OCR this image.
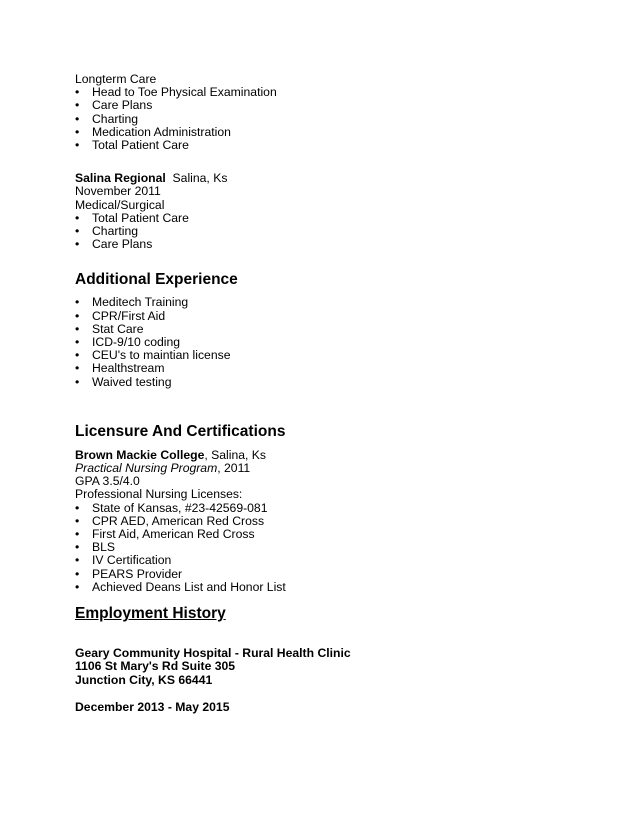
Longterm Care
• Head to Toe Physical Examination
• Care Plans
• Charting
• Medication Administration
• Total Patient Care
Salina Regional Salina, Ks
November 2011
Medical/Surgical
• Total Patient Care
• Charting
• Care Plans
Additional Experience
• Meditech Training
• CPR/First Aid
• Stat Care
• ICD-9/10 coding
• CEU's to maintian license
• Healthstream
• Waived testing
Licensure And Certifications
Brown Mackie College, Salina, Ks
Practical Nursing Program, 2011
GPA 3.5/4.0
Professional Nursing Licenses:
• State of Kansas, #23-42569-081
• CPR AED, American Red Cross
• First Aid, American Red Cross
• BLS
• IV Certification
• PEARS Provider
• Achieved Deans List and Honor List
Employment History
Geary Community Hospital - Rural Health Clinic
1106 St Mary's Rd Suite 305
Junction City, KS 66441
December 2013 - May 2015
